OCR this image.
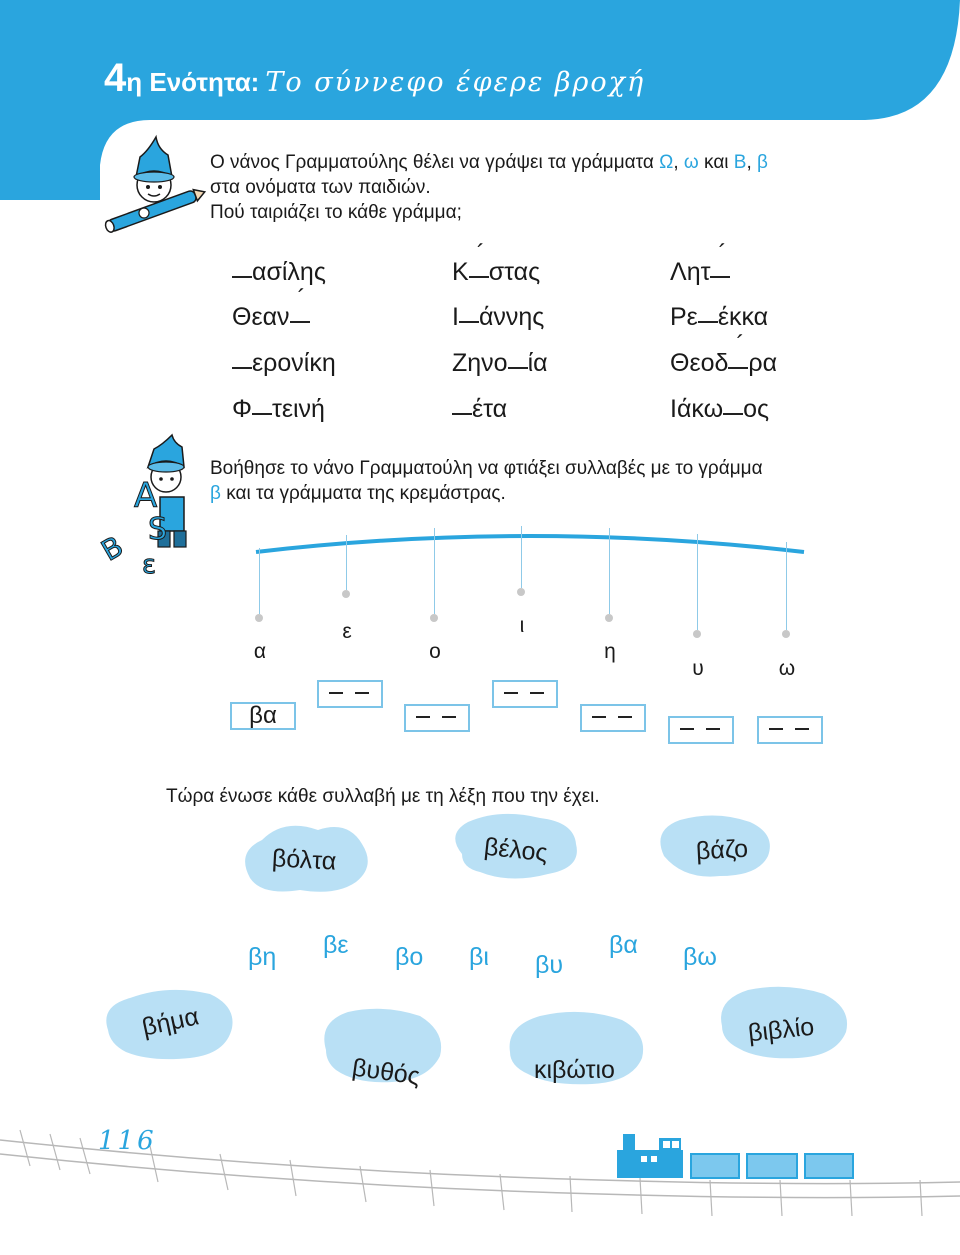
4η Ενότητα: Το σύννεφο έφερε βροχή
Ο νάνος Γραμματούλης θέλει να γράψει τα γράμματα Ω, ω και Β, β
στα ονόματα των παιδιών.
Πού ταιριάζει το κάθε γράμμα;
ασίλης	Κ ´ στας	Λητ ´
Θεαν ´	Ι άννης	Ρε έκκα
ερονίκη	Ζηνο ία	Θεοδ ´ ρα
Φ τεινή	έτα	Ιάκω ος
A
S
B ε
Βοήθησε το νάνο Γραμματούλη να φτιάξει συλλαβές με το γράμμα
β και τα γράμματα της κρεμάστρας.
α
ε
ο
ι
η
υ	ω
βα
Τώρα ένωσε κάθε συλλαβή με τη λέξη που την έχει.
βόλτα	βέλος	βάζο
βη βε βο βι βυ
βα βω
βήμα
βυθός	κιβώτιο
βιβλίο
116
